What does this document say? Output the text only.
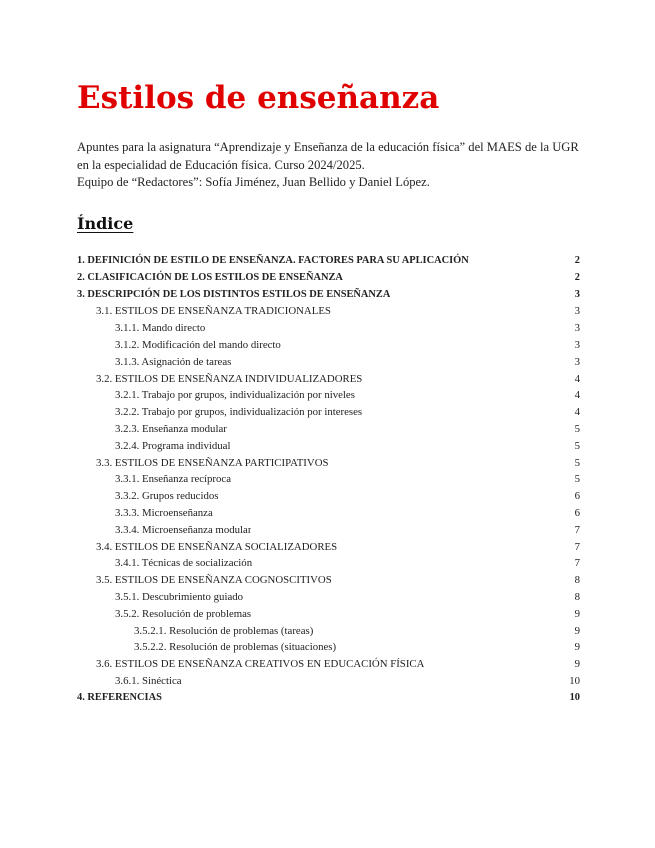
Estilos de enseñanza

Apuntes para la asignatura “Aprendizaje y Enseñanza de la educación física” del MAES de la UGR en la especialidad de Educación física. Curso 2024/2025.

Equipo de “Redactores”: Sofía Jiménez, Juan Bellido y Daniel López.

Índice
1. DEFINICIÓN DE ESTILO DE ENSEÑANZA. FACTORES PARA SU APLICACIÓN	2
2. CLASIFICACIÓN DE LOS ESTILOS DE ENSEÑANZA	2
3. DESCRIPCIÓN DE LOS DISTINTOS ESTILOS DE ENSEÑANZA	3
3.1. ESTILOS DE ENSEÑANZA TRADICIONALES	3
3.1.1. Mando directo	3
3.1.2. Modificación del mando directo	3
3.1.3. Asignación de tareas	3
3.2. ESTILOS DE ENSEÑANZA INDIVIDUALIZADORES	4
3.2.1. Trabajo por grupos, individualización por niveles	4
3.2.2. Trabajo por grupos, individualización por intereses	4
3.2.3. Enseñanza modular	5
3.2.4. Programa individual	5
3.3. ESTILOS DE ENSEÑANZA PARTICIPATIVOS	5
3.3.1. Enseñanza recíproca	5
3.3.2. Grupos reducidos	6
3.3.3. Microenseñanza	6
3.3.4. Microenseñanza modular	7
3.4. ESTILOS DE ENSEÑANZA SOCIALIZADORES	7
3.4.1. Técnicas de socialización	7
3.5. ESTILOS DE ENSEÑANZA COGNOSCITIVOS	8
3.5.1. Descubrimiento guiado	8
3.5.2. Resolución de problemas	9
3.5.2.1. Resolución de problemas (tareas)	9
3.5.2.2. Resolución de problemas (situaciones)	9
3.6. ESTILOS DE ENSEÑANZA CREATIVOS EN EDUCACIÓN FÍSICA	9
3.6.1. Sinéctica	10
4. REFERENCIAS	10
